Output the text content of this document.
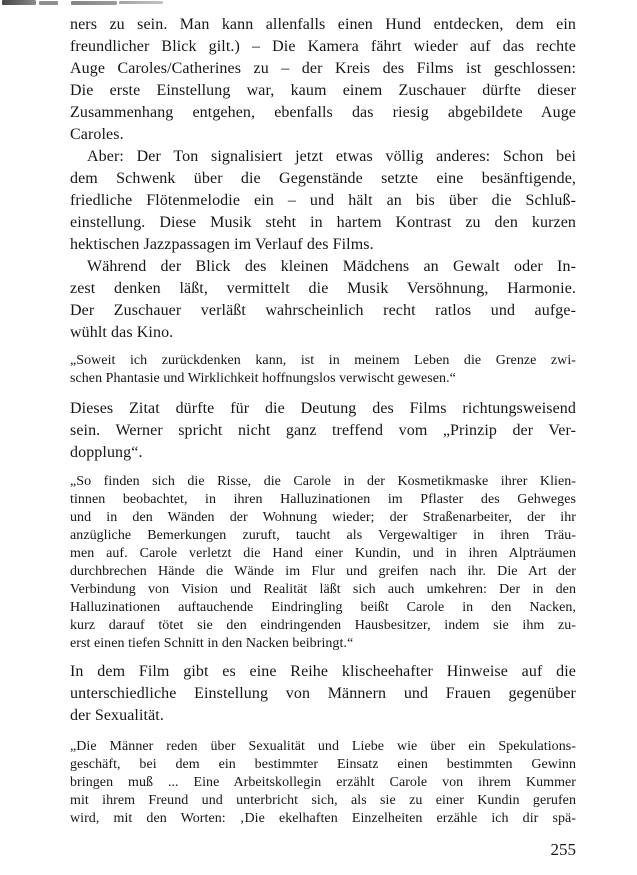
ners zu sein. Man kann allenfalls einen Hund entdecken, dem ein
freundlicher Blick gilt.) – Die Kamera fährt wieder auf das rechte
Auge Caroles/Catherines zu – der Kreis des Films ist geschlossen:
Die erste Einstellung war, kaum einem Zuschauer dürfte dieser
Zusammenhang entgehen, ebenfalls das riesig abgebildete Auge
Caroles.
Aber: Der Ton signalisiert jetzt etwas völlig anderes: Schon bei
dem Schwenk über die Gegenstände setzte eine besänftigende,
friedliche Flötenmelodie ein – und hält an bis über die Schluß-
einstellung. Diese Musik steht in hartem Kontrast zu den kurzen
hektischen Jazzpassagen im Verlauf des Films.
Während der Blick des kleinen Mädchens an Gewalt oder In-
zest denken läßt, vermittelt die Musik Versöhnung, Harmonie.
Der Zuschauer verläßt wahrscheinlich recht ratlos und aufge-
wühlt das Kino.
„Soweit ich zurückdenken kann, ist in meinem Leben die Grenze zwi-
schen Phantasie und Wirklichkeit hoffnungslos verwischt gewesen.“
Dieses Zitat dürfte für die Deutung des Films richtungsweisend
sein. Werner spricht nicht ganz treffend vom „Prinzip der Ver-
dopplung“.
„So finden sich die Risse, die Carole in der Kosmetikmaske ihrer Klien-
tinnen beobachtet, in ihren Halluzinationen im Pflaster des Gehweges
und in den Wänden der Wohnung wieder; der Straßenarbeiter, der ihr
anzügliche Bemerkungen zuruft, taucht als Vergewaltiger in ihren Träu-
men auf. Carole verletzt die Hand einer Kundin, und in ihren Alpträumen
durchbrechen Hände die Wände im Flur und greifen nach ihr. Die Art der
Verbindung von Vision und Realität läßt sich auch umkehren: Der in den
Halluzinationen auftauchende Eindringling beißt Carole in den Nacken,
kurz darauf tötet sie den eindringenden Hausbesitzer, indem sie ihm zu-
erst einen tiefen Schnitt in den Nacken beibringt.“
In dem Film gibt es eine Reihe klischeehafter Hinweise auf die
unterschiedliche Einstellung von Männern und Frauen gegenüber
der Sexualität.
„Die Männer reden über Sexualität und Liebe wie über ein Spekulations-
geschäft, bei dem ein bestimmter Einsatz einen bestimmten Gewinn
bringen muß ... Eine Arbeitskollegin erzählt Carole von ihrem Kummer
mit ihrem Freund und unterbricht sich, als sie zu einer Kundin gerufen
wird, mit den Worten: ‚Die ekelhaften Einzelheiten erzähle ich dir spä-
255
